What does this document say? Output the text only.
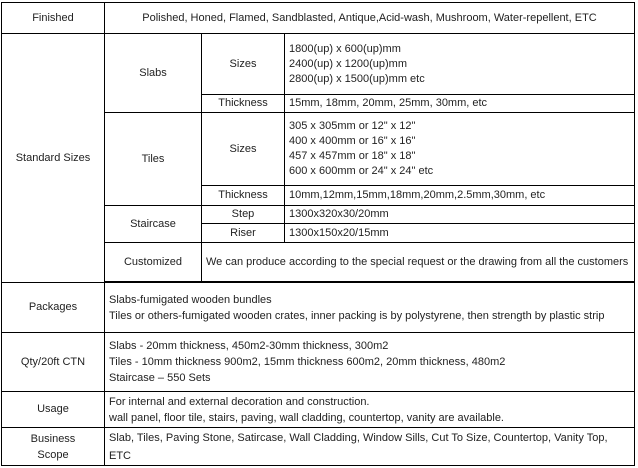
Finished	Polished, Honed, Flamed, Sandblasted, Antique,Acid-wash, Mushroom, Water-repellent, ETC		
Standard Sizes	Slabs	Sizes	1800(up) x 600(up)mm
2400(up) x 1200(up)mm
2800(up) x 1500(up)mm etc

		Thickness	15mm, 18mm, 20mm, 25mm, 30mm, etc
	Tiles	Sizes	305 x 305mm or 12" x 12"
400 x 400mm or 16" x 16"
457 x 457mm or 18" x 18"
600 x 600mm or 24" x 24" etc

		Thickness	10mm,12mm,15mm,18mm,20mm,2.5mm,30mm, etc
	Staircase	Step	1300x320x30/20mm
		Riser	1300x150x20/15mm
	Customized	We can produce according to the special request or the drawing from all the customers	

Packages	Slabs-fumigated wooden bundles
Tiles or others-fumigated wooden crates, inner packing is by polystyrene, then strength by plastic strip		

Qty/20ft CTN	Slabs - 20mm thickness, 450m2-30mm thickness, 300m2
Tiles - 10mm thickness 900m2, 15mm thickness 600m2, 20mm thickness, 480m2
Staircase – 550 Sets		

Usage	For internal and external decoration and construction.
wall panel, floor tile, stairs, paving, wall cladding, countertop, vanity are available.		

Business Scope	Slab, Tiles, Paving Stone, Satircase, Wall Cladding, Window Sills, Cut To Size, Countertop, Vanity Top, ETC		
